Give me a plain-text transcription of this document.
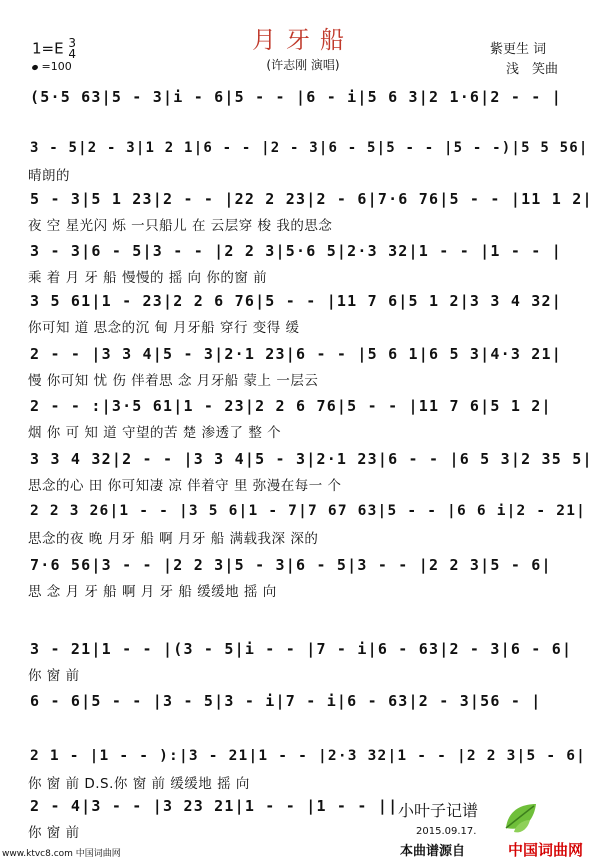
月牙船
(许志刚 演唱)
紫更生 词
浅　笑曲
1=E 3
4
=100
(5·5 63|5 - 3|i - 6|5 - - |6 - i|5 6 3|2 1·6|2 - - |
3 - 5|2 - 3|1 2 1|6 - - |2 - 3|6 - 5|5 - - |5 - -)|5 5 56|
晴朗的
5 - 3|5 1 23|2 - - |22 2 23|2 - 6|7·6 76|5 - - |11 1 2|
夜 空 星光闪 烁 一只船儿 在 云层穿 梭 我的思念
3 - 3|6 - 5|3 - - |2 2 3|5·6 5|2·3 32|1 - - |1 - - |
乘 着 月 牙 船 慢慢的 摇 向 你的窗 前
3 5 61|1 - 23|2 2 6 76|5 - - |11 7 6|5 1 2|3 3 4 32|
你可知 道 思念的沉 甸 月牙船 穿行 变得 缓
2 - - |3 3 4|5 - 3|2·1 23|6 - - |5 6 1|6 5 3|4·3 21|
慢 你可知 忧 伤 伴着思 念 月牙船 蒙上 一层云
2 - - :|3·5 61|1 - 23|2 2 6 76|5 - - |11 7 6|5 1 2|
烟 你 可 知 道 守望的苦 楚 渗透了 整 个
3 3 4 32|2 - - |3 3 4|5 - 3|2·1 23|6 - - |6 5 3|2 35 5|
思念的心 田 你可知凄 凉 伴着守 里 弥漫在每一 个
2 2 3 26|1 - - |3 5 6|1 - 7|7 67 63|5 - - |6 6 i|2 - 21|
思念的夜 晚 月牙 船 啊 月牙 船 满载我深 深的
7·6 56|3 - - |2 2 3|5 - 3|6 - 5|3 - - |2 2 3|5 - 6|
思 念 月 牙 船 啊 月 牙 船 缓缓地 摇 向
3 - 21|1 - - |(3 - 5|i - - |7 - i|6 - 63|2 - 3|6 - 6|
你 窗 前
6 - 6|5 - - |3 - 5|3 - i|7 - i|6 - 63|2 - 3|56 - |
2 1 - |1 - - ):|3 - 21|1 - - |2·3 32|1 - - |2 2 3|5 - 6|
你 窗 前 D.S.你 窗 前 缓缓地 摇 向
2 - 4|3 - - |3 23 21|1 - - |1 - - ||
你 窗 前
小叶子记谱
2015.09.17.
www.ktvc8.com 中国词曲网	本曲谱源自	中国词曲网
